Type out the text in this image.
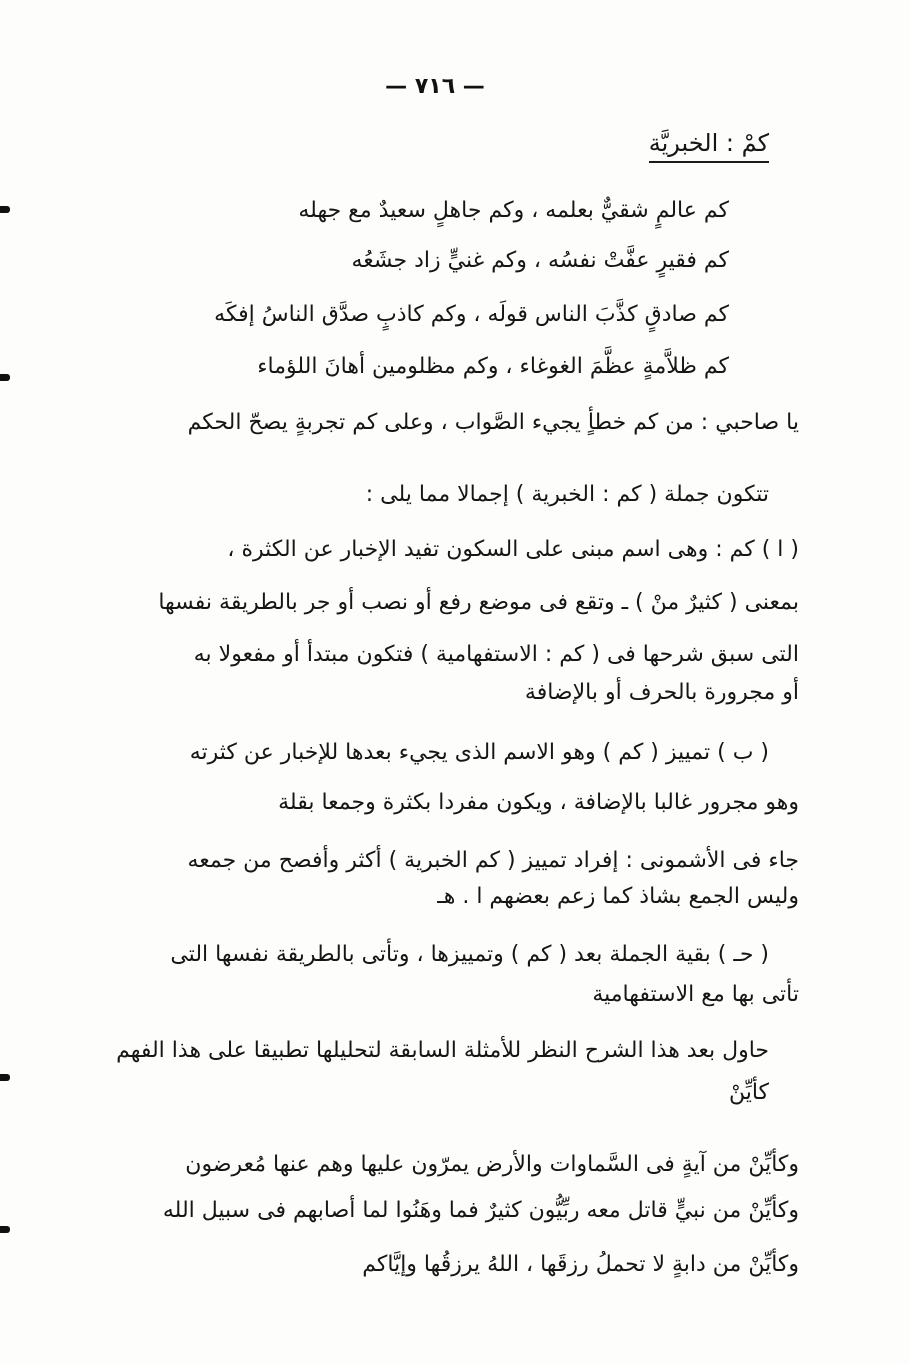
— ٧١٦ —
كمْ : الخبريَّة
كم عالمٍ شقيٌّ بعلمه ، وكم جاهلٍ سعيدٌ مع جهله
كم فقيرٍ عفَّتْ نفسُه ، وكم غنيٍّ زاد جشَعُه
كم صادقٍ كذَّبَ الناس قولَه ، وكم كاذبٍ صدَّق الناسُ إفكَه
كم ظلاَّمةٍ عظَّمَ الغوغاء ، وكم مظلومين أهانَ اللؤماء
يا صاحبي : من كم خطأٍ يجيء الصَّواب ، وعلى كم تجربةٍ يصحّ الحكم
تتكون جملة ( كم : الخبرية ) إجمالا مما يلى :
( ا ) كم : وهى اسم مبنى على السكون تفيد الإخبار عن الكثرة ،
بمعنى ( كثيرٌ منْ ) ـ وتقع فى موضع رفع أو نصب أو جر بالطريقة نفسها
التى سبق شرحها فى ( كم : الاستفهامية ) فتكون مبتدأ أو مفعولا به
أو مجرورة بالحرف أو بالإضافة
( ب ) تمييز ( كم ) وهو الاسم الذى يجيء بعدها للإخبار عن كثرته
وهو مجرور غالبا بالإضافة ، ويكون مفردا بكثرة وجمعا بقلة
جاء فى الأشمونى : إفراد تمييز ( كم الخبرية ) أكثر وأفصح من جمعه
وليس الجمع بشاذ كما زعم بعضهم ا . هـ
( حـ ) بقية الجملة بعد ( كم ) وتمييزها ، وتأتى بالطريقة نفسها التى
تأتى بها مع الاستفهامية
حاول بعد هذا الشرح النظر للأمثلة السابقة لتحليلها تطبيقا على هذا الفهم
كأيِّنْ
وكأيِّنْ من آيةٍ فى السَّماوات والأرض يمرّون عليها وهم عنها مُعرضون
وكأيِّنْ من نبيٍّ قاتل معه ربِّيُّون كثيرٌ فما وهَنُوا لما أصابهم فى سبيل الله
وكأيِّنْ من دابةٍ لا تحملُ رزقَها ، اللهُ يرزقُها وإيَّاكم
